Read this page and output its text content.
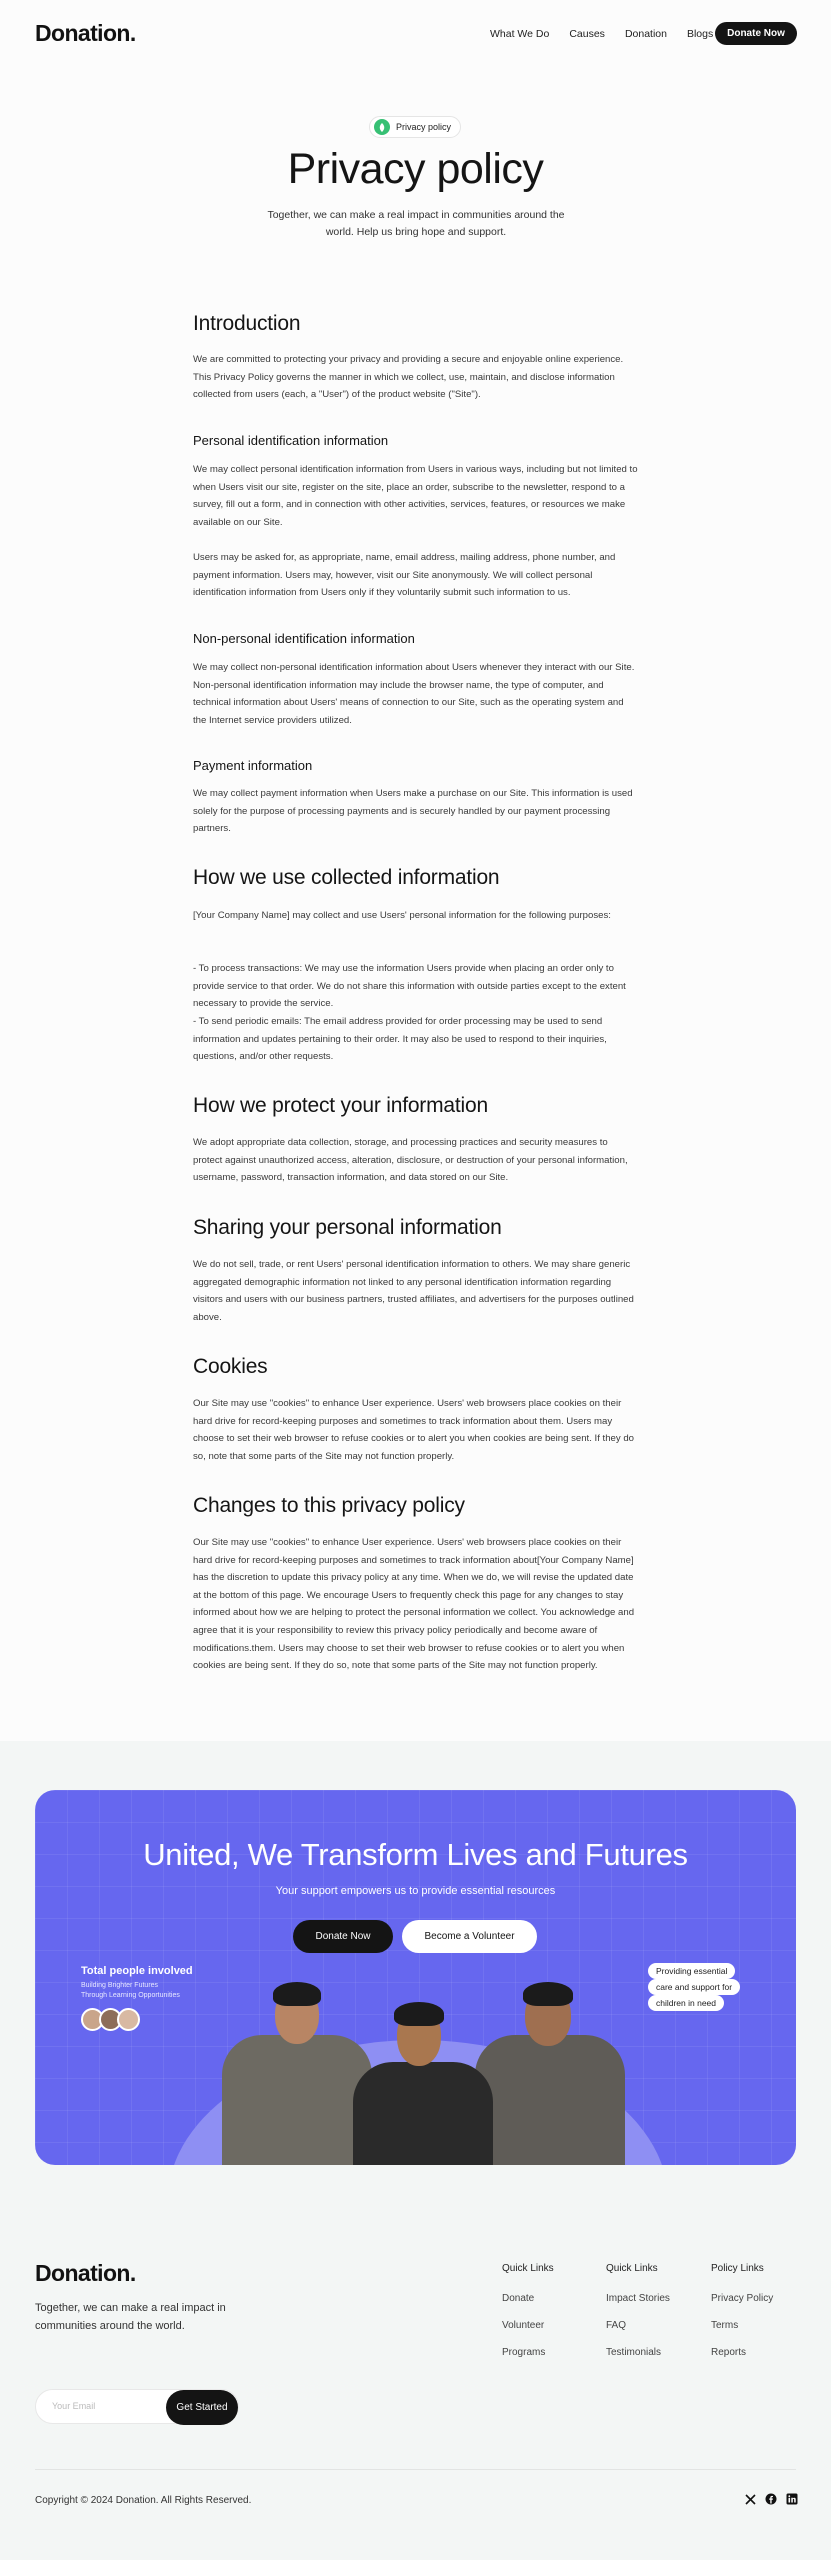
Donation.	What We Do Causes Donation Blogs	Donate Now
Privacy policy
Privacy policy

Together, we can make a real impact in communities around the world. Help us bring hope and support.

Introduction

We are committed to protecting your privacy and providing a secure and enjoyable online experience. This Privacy Policy governs the manner in which we collect, use, maintain, and disclose information collected from users (each, a "User") of the product website ("Site").

Personal identification information

We may collect personal identification information from Users in various ways, including but not limited to when Users visit our site, register on the site, place an order, subscribe to the newsletter, respond to a survey, fill out a form, and in connection with other activities, services, features, or resources we make available on our Site.

Users may be asked for, as appropriate, name, email address, mailing address, phone number, and payment information. Users may, however, visit our Site anonymously. We will collect personal identification information from Users only if they voluntarily submit such information to us.

Non-personal identification information

We may collect non-personal identification information about Users whenever they interact with our Site. Non-personal identification information may include the browser name, the type of computer, and technical information about Users' means of connection to our Site, such as the operating system and the Internet service providers utilized.

Payment information

We may collect payment information when Users make a purchase on our Site. This information is used solely for the purpose of processing payments and is securely handled by our payment processing partners.

How we use collected information

[Your Company Name] may collect and use Users' personal information for the following purposes:

- To process transactions: We may use the information Users provide when placing an order only to provide service to that order. We do not share this information with outside parties except to the extent necessary to provide the service.

- To send periodic emails: The email address provided for order processing may be used to send information and updates pertaining to their order. It may also be used to respond to their inquiries, questions, and/or other requests.

How we protect your information

We adopt appropriate data collection, storage, and processing practices and security measures to protect against unauthorized access, alteration, disclosure, or destruction of your personal information, username, password, transaction information, and data stored on our Site.

Sharing your personal information

We do not sell, trade, or rent Users' personal identification information to others. We may share generic aggregated demographic information not linked to any personal identification information regarding visitors and users with our business partners, trusted affiliates, and advertisers for the purposes outlined above.

Cookies

Our Site may use "cookies" to enhance User experience. Users' web browsers place cookies on their hard drive for record-keeping purposes and sometimes to track information about them. Users may choose to set their web browser to refuse cookies or to alert you when cookies are being sent. If they do so, note that some parts of the Site may not function properly.

Changes to this privacy policy

Our Site may use "cookies" to enhance User experience. Users' web browsers place cookies on their hard drive for record-keeping purposes and sometimes to track information about[Your Company Name] has the discretion to update this privacy policy at any time. When we do, we will revise the updated date at the bottom of this page. We encourage Users to frequently check this page for any changes to stay informed about how we are helping to protect the personal information we collect. You acknowledge and agree that it is your responsibility to review this privacy policy periodically and become aware of modifications.them. Users may choose to set their web browser to refuse cookies or to alert you when cookies are being sent. If they do so, note that some parts of the Site may not function properly.

United, We Transform Lives and Futures

Your support empowers us to provide essential resources

Donate Now	Become a Volunteer
Total people involved
Building Brighter Futures
Through Learning Opportunities
Providing essential
care and support for
children in need
Donation.

Together, we can make a real impact in communities around the world.

Your Email
Get Started
Quick Links
Donate
Volunteer
Programs
Quick Links
Impact Stories
FAQ
Testimonials
Policy Links
Privacy Policy
Terms
Reports
Copyright © 2024 Donation. All Rights Reserved.
